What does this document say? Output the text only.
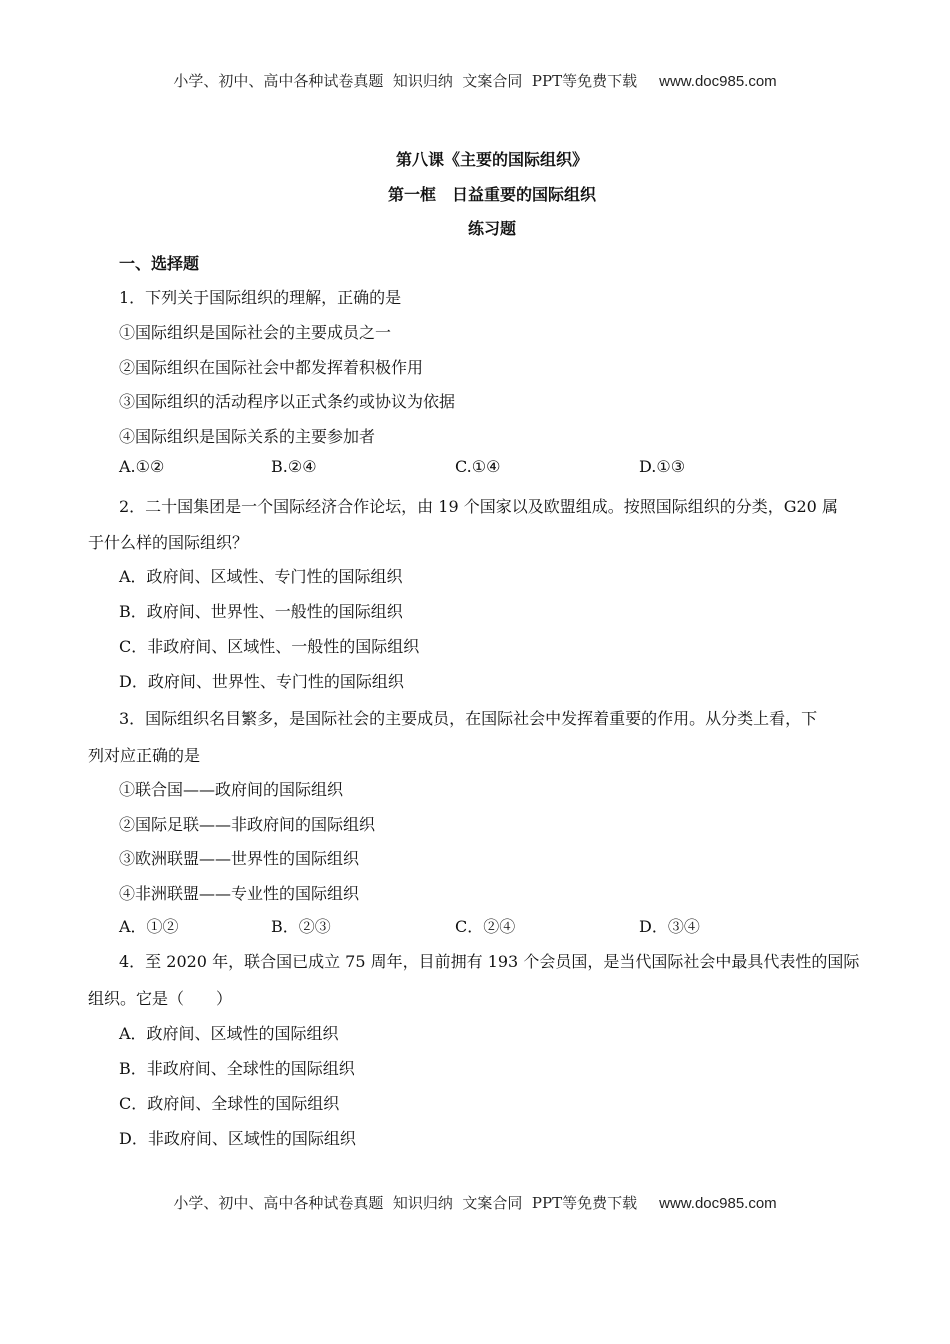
小学、初中、高中各种试卷真题  知识归纳  文案合同  PPT等免费下载 www.doc985.com
第八课《主要的国际组织》
第一框　日益重要的国际组织
练习题
一、选择题
1．下列关于国际组织的理解，正确的是
①国际组织是国际社会的主要成员之一
②国际组织在国际社会中都发挥着积极作用
③国际组织的活动程序以正式条约或协议为依据
④国际组织是国际关系的主要参加者
A.①②	B.②④	C.①④	D.①③
2．二十国集团是一个国际经济合作论坛，由 19 个国家以及欧盟组成。按照国际组织的分类，G20 属
于什么样的国际组织？
A．政府间、区域性、专门性的国际组织
B．政府间、世界性、一般性的国际组织
C．非政府间、区域性、一般性的国际组织
D．政府间、世界性、专门性的国际组织
3．国际组织名目繁多，是国际社会的主要成员，在国际社会中发挥着重要的作用。从分类上看，下
列对应正确的是
①联合国——政府间的国际组织
②国际足联——非政府间的国际组织
③欧洲联盟——世界性的国际组织
④非洲联盟——专业性的国际组织
A．①②	B．②③	C．②④	D．③④
4．至 2020 年，联合国已成立 75 周年，目前拥有 193 个会员国，是当代国际社会中最具代表性的国际
组织。它是（　　）
A．政府间、区域性的国际组织
B．非政府间、全球性的国际组织
C．政府间、全球性的国际组织
D．非政府间、区域性的国际组织
小学、初中、高中各种试卷真题  知识归纳  文案合同  PPT等免费下载 www.doc985.com
